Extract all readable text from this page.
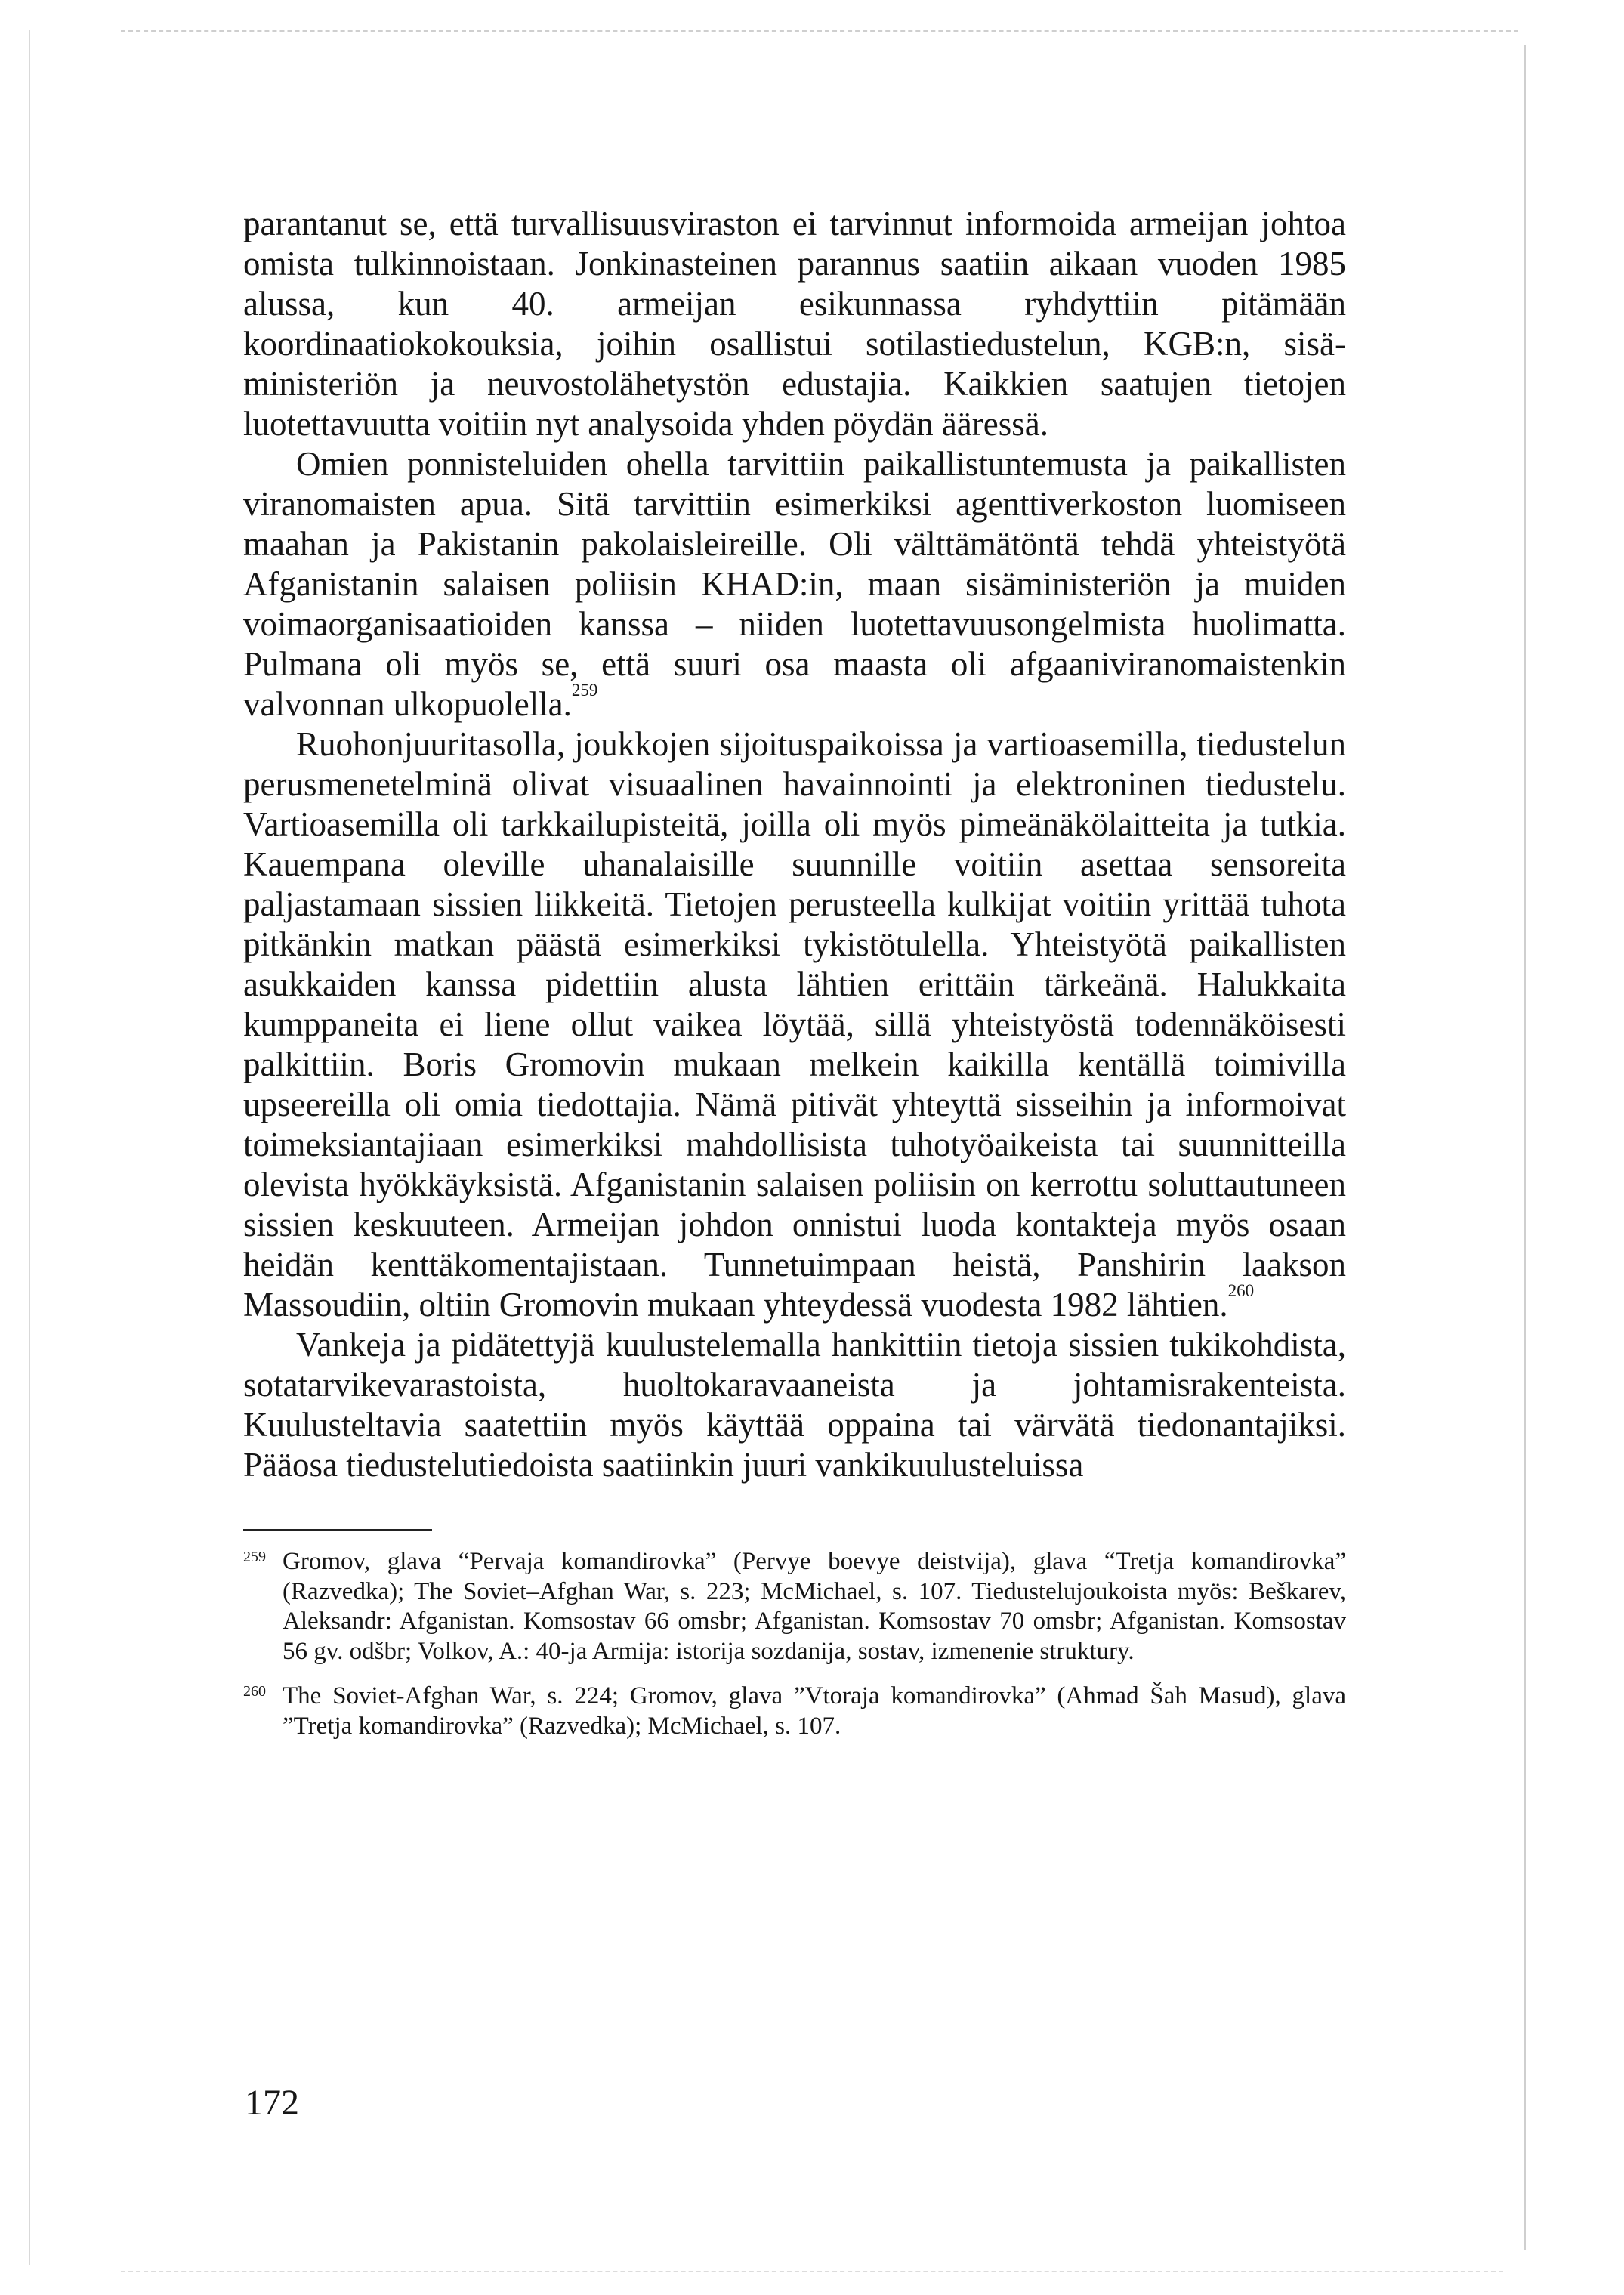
parantanut se, että turvallisuusviraston ei tarvinnut informoida armeijan johtoa omista tulkinnoistaan. Jonkinasteinen parannus saatiin aikaan vuoden 1985 alussa, kun 40. armeijan esikunnassa ryhdyttiin pitämään koordinaatiokokouksia, joihin osallistui sotilastiedustelun, KGB:n, sisäministeriön ja neuvostolähetystön edustajia. Kaikkien saatujen tietojen luotettavuutta voitiin nyt analysoida yhden pöydän ääressä.

Omien ponnisteluiden ohella tarvittiin paikallistuntemusta ja paikallisten viranomaisten apua. Sitä tarvittiin esimerkiksi agenttiverkoston luomiseen maahan ja Pakistanin pakolaisleireille. Oli välttämätöntä tehdä yhteistyötä Afganistanin salaisen poliisin KHAD:in, maan sisäministeriön ja muiden voimaorganisaatioiden kanssa – niiden luotettavuusongelmista huolimatta. Pulmana oli myös se, että suuri osa maasta oli afgaaniviranomaistenkin valvonnan ulkopuolella.$^{259}$

Ruohonjuuritasolla, joukkojen sijoituspaikoissa ja vartioasemilla, tiedustelun perusmenetelminä olivat visuaalinen havainnointi ja elektroninen tiedustelu. Vartioasemilla oli tarkkailupisteitä, joilla oli myös pimeänäkölaitteita ja tutkia. Kauempana oleville uhanalaisille suunnille voitiin asettaa sensoreita paljastamaan sissien liikkeitä. Tietojen perusteella kulkijat voitiin yrittää tuhota pitkänkin matkan päästä esimerkiksi tykistötulella. Yhteistyötä paikallisten asukkaiden kanssa pidettiin alusta lähtien erittäin tärkeänä. Halukkaita kumppaneita ei liene ollut vaikea löytää, sillä yhteistyöstä todennäköisesti palkittiin. Boris Gromovin mukaan melkein kaikilla kentällä toimivilla upseereilla oli omia tiedottajia. Nämä pitivät yhteyttä sisseihin ja informoivat toimeksiantajiaan esimerkiksi mahdollisista tuhotyöaikeista tai suunnitteilla olevista hyökkäyksistä. Afganistanin salaisen poliisin on kerrottu soluttautuneen sissien keskuuteen. Armeijan johdon onnistui luoda kontakteja myös osaan heidän kenttäkomentajistaan. Tunnetuimpaan heistä, Panshirin laakson Massoudiin, oltiin Gromovin mukaan yhteydessä vuodesta 1982 lähtien.$^{260}$

Vankeja ja pidätettyjä kuulustelemalla hankittiin tietoja sissien tukikohdista, sotatarvikevarastoista, huoltokaravaaneista ja johtamisrakenteista. Kuulusteltavia saatettiin myös käyttää oppaina tai värvätä tiedonantajiksi. Pääosa tiedustelutiedoista saatiinkin juuri vankikuulusteluissa

259 Gromov, glava “Pervaja komandirovka” (Pervye boevye deistvija), glava “Tretja komandirovka” (Razvedka); The Soviet–Afghan War, s. 223; McMichael, s. 107. Tiedustelujoukoista myös: Beškarev, Aleksandr: Afganistan. Komsostav 66 omsbr; Afganistan. Komsostav 70 omsbr; Afganistan. Komsostav 56 gv. odšbr; Volkov, A.: 40-ja Armija: istorija sozdanija, sostav, izmenenie struktury.
260 The Soviet-Afghan War, s. 224; Gromov, glava ”Vtoraja komandirovka” (Ahmad Šah Masud), glava ”Tretja komandirovka” (Razvedka); McMichael, s. 107.
172
